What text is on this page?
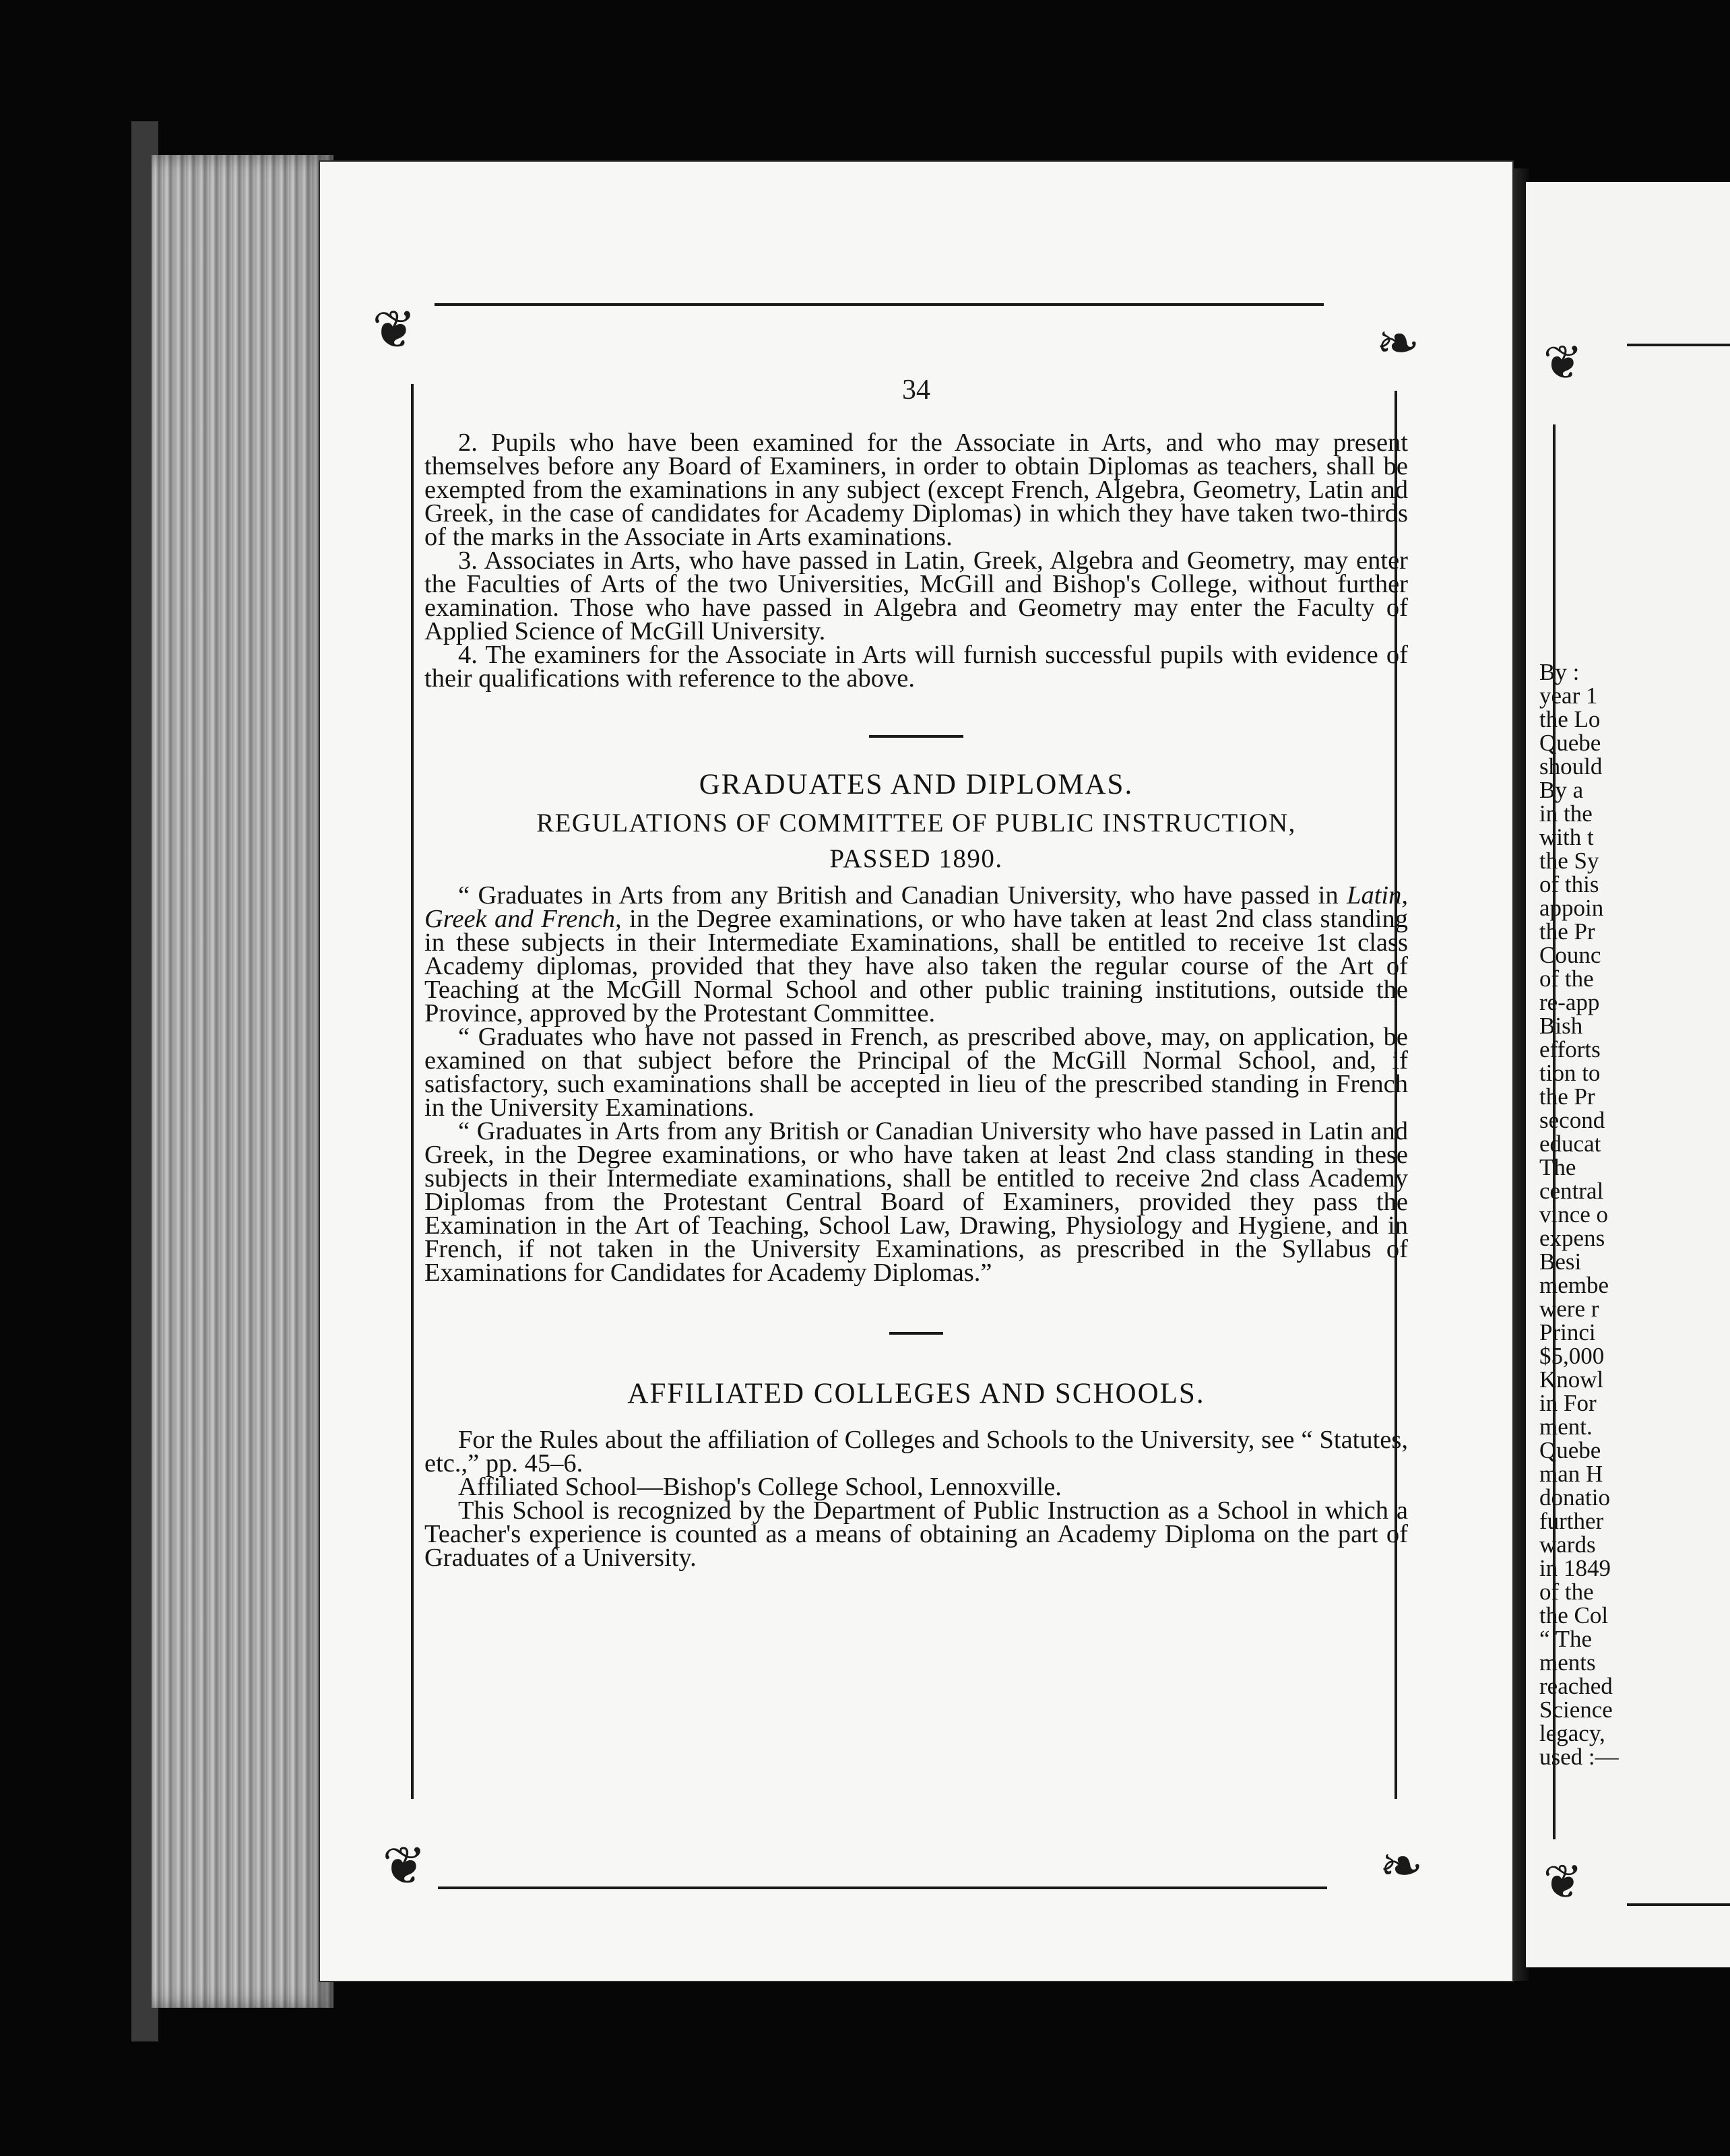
❦	❧
❦	❧
34

2. Pupils who have been examined for the Associate in Arts, and who may present themselves before any Board of Examiners, in order to obtain Diplomas as teachers, shall be exempted from the examinations in any subject (except French, Algebra, Geometry, Latin and Greek, in the case of candidates for Academy Diplomas) in which they have taken two-thirds of the marks in the Associate in Arts examinations.

3. Associates in Arts, who have passed in Latin, Greek, Algebra and Geometry, may enter the Faculties of Arts of the two Universities, McGill and Bishop's College, without further examination. Those who have passed in Algebra and Geometry may enter the Faculty of Applied Science of McGill University.

4. The examiners for the Associate in Arts will furnish successful pupils with evidence of their qualifications with reference to the above.

GRADUATES AND DIPLOMAS.
REGULATIONS OF COMMITTEE OF PUBLIC INSTRUCTION,
PASSED 1890.

“ Graduates in Arts from any British and Canadian University, who have passed in Latin, Greek and French, in the Degree examinations, or who have taken at least 2nd class standing in these subjects in their Intermediate Examinations, shall be entitled to receive 1st class Academy diplomas, provided that they have also taken the regular course of the Art of Teaching at the McGill Normal School and other public training institutions, outside the Province, approved by the Protestant Committee.

“ Graduates who have not passed in French, as prescribed above, may, on application, be examined on that subject before the Principal of the McGill Normal School, and, if satisfactory, such examinations shall be accepted in lieu of the prescribed standing in French in the University Examinations.

“ Graduates in Arts from any British or Canadian University who have passed in Latin and Greek, in the Degree examinations, or who have taken at least 2nd class standing in these subjects in their Intermediate examinations, shall be entitled to receive 2nd class Academy Diplomas from the Protestant Central Board of Examiners, provided they pass the Examination in the Art of Teaching, School Law, Drawing, Physiology and Hygiene, and in French, if not taken in the University Examinations, as prescribed in the Syllabus of Examinations for Candidates for Academy Diplomas.”

AFFILIATED COLLEGES AND SCHOOLS.

For the Rules about the affiliation of Colleges and Schools to the University, see “ Statutes, etc.,” pp. 45–6.

Affiliated School—Bishop's College School, Lennoxville.

This School is recognized by the Department of Public Instruction as a School in which a Teacher's experience is counted as a means of obtaining an Academy Diploma on the part of Graduates of a University.

❦
❦
By :
year 1
the Lo
Quebe
should
By a
in the
with t
the Sy
of this
appoin
the Pr
Counc
of the
re-app
Bish
efforts
tion to
the Pr
second
educat
The
central
vince o
expens
Besi
membe
were r
Princi
$5,000
Knowl
in For
ment.
Quebe
man H
donatio
further
wards
in 1849
of the
the Col
“ The
ments
reached
Science
legacy,
used :—
